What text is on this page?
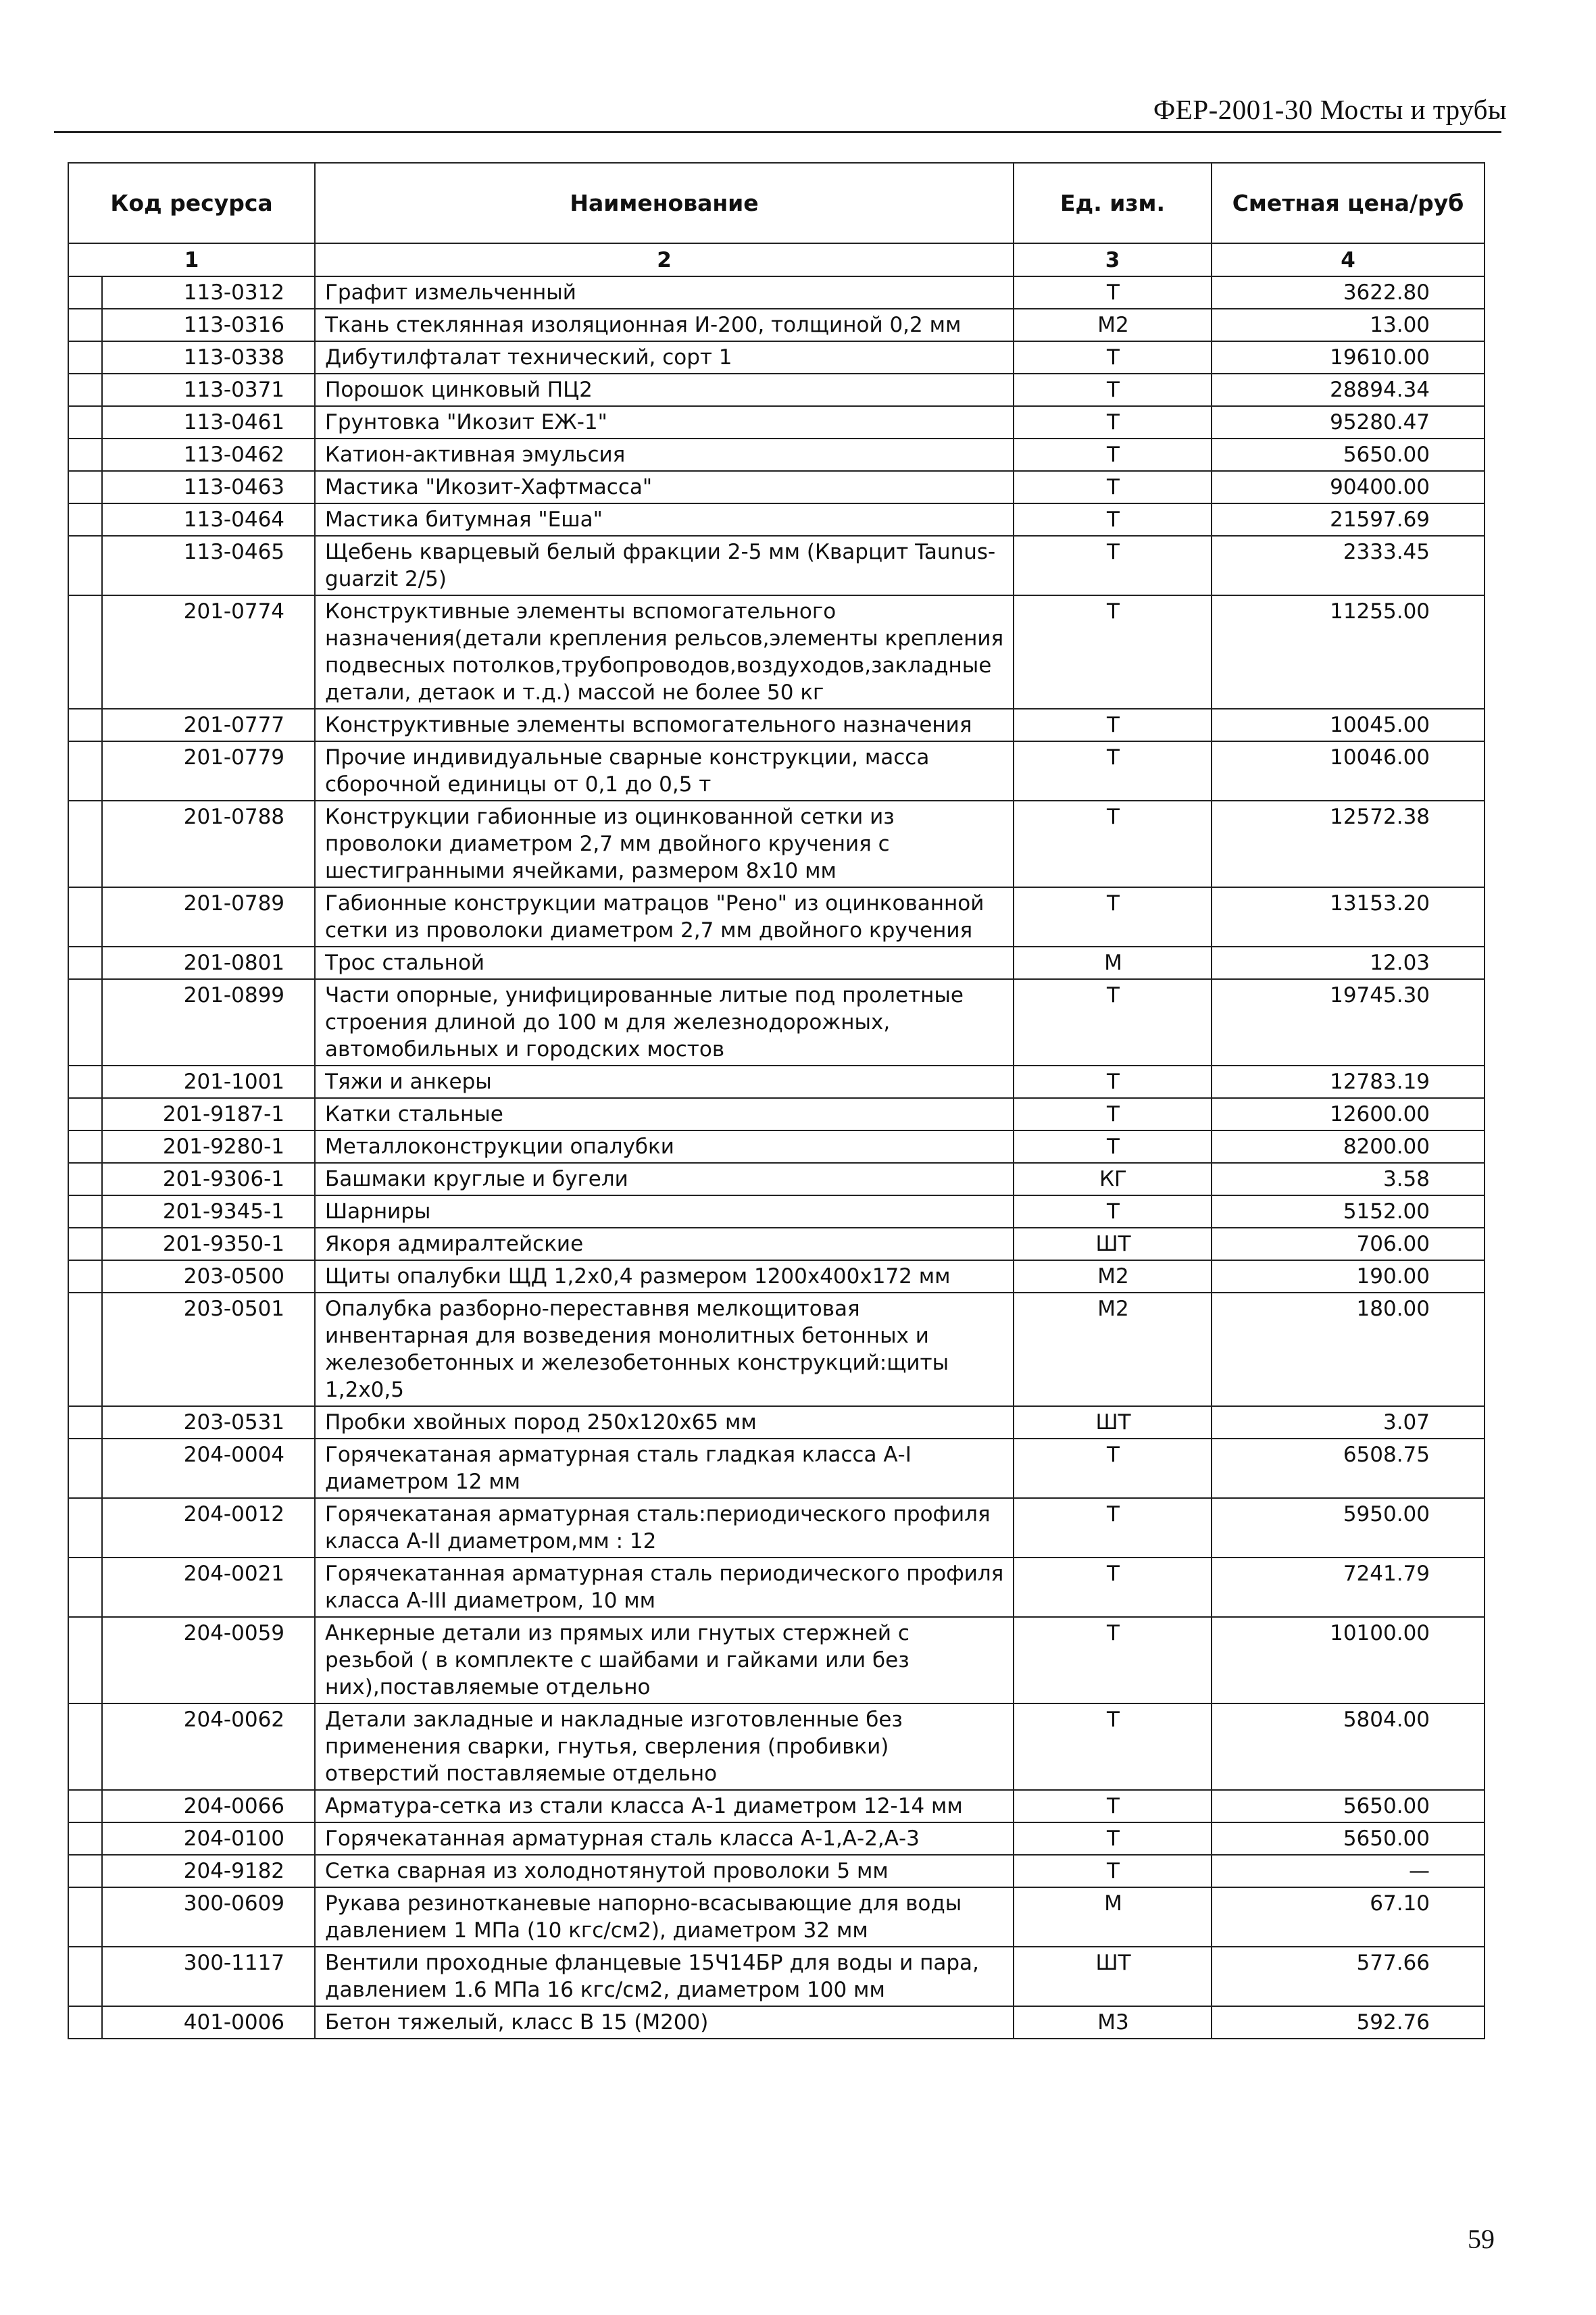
ФЕР-2001-30 Мосты и трубы
Код ресурса		Наименование	Ед. изм.	Сметная цена/руб
1		2	3	4
	113-0312	Графит измельченный	Т	3622.80
	113-0316	Ткань стеклянная изоляционная И-200, толщиной 0,2 мм	М2	13.00
	113-0338	Дибутилфталат технический, сорт 1	Т	19610.00
	113-0371	Порошок цинковый ПЦ2	Т	28894.34
	113-0461	Грунтовка "Икозит ЕЖ-1"	Т	95280.47
	113-0462	Катион-активная эмульсия	Т	5650.00
	113-0463	Мастика "Икозит-Хафтмасса"	Т	90400.00
	113-0464	Мастика битумная "Еша"	Т	21597.69
	113-0465	Щебень кварцевый белый фракции 2-5 мм (Кварцит Taunus-guarzit 2/5)	Т	2333.45
	201-0774	Конструктивные элементы вспомогательного назначения(детали крепления рельсов,элементы крепления подвесных потолков,трубопроводов,воздуходов,закладные детали, детаок и т.д.) массой не более 50 кг	Т	11255.00
	201-0777	Конструктивные элементы вспомогательного назначения	Т	10045.00
	201-0779	Прочие индивидуальные сварные конструкции, масса сборочной единицы от 0,1 до 0,5 т	Т	10046.00
	201-0788	Конструкции габионные из оцинкованной сетки из проволоки диаметром 2,7 мм двойного кручения с шестигранными ячейками, размером 8х10 мм	Т	12572.38
	201-0789	Габионные конструкции матрацов "Рено" из оцинкованной сетки из проволоки диаметром 2,7 мм двойного кручения	Т	13153.20
	201-0801	Трос стальной	М	12.03
	201-0899	Части опорные, унифицированные литые под пролетные строения длиной до 100 м для железнодорожных, автомобильных и городских мостов	Т	19745.30
	201-1001	Тяжи и анкеры	Т	12783.19
	201-9187-1	Катки стальные	Т	12600.00
	201-9280-1	Металлоконструкции опалубки	Т	8200.00
	201-9306-1	Башмаки круглые и бугели	КГ	3.58
	201-9345-1	Шарниры	Т	5152.00
	201-9350-1	Якоря адмиралтейские	ШТ	706.00
	203-0500	Щиты опалубки ЩД 1,2х0,4 размером 1200х400х172 мм	М2	190.00
	203-0501	Опалубка разборно-переставнвя мелкощитовая инвентарная для возведения монолитных бетонных и железобетонных и железобетонных конструкций:щиты 1,2х0,5	М2	180.00
	203-0531	Пробки хвойных пород 250х120х65 мм	ШТ	3.07
	204-0004	Горячекатаная арматурная сталь гладкая класса А-I диаметром 12 мм	Т	6508.75
	204-0012	Горячекатаная арматурная сталь:периодического профиля класса А-II диаметром,мм : 12	Т	5950.00
	204-0021	Горячекатанная арматурная сталь периодического профиля класса А-III диаметром, 10 мм	Т	7241.79
	204-0059	Анкерные детали из прямых или гнутых стержней с резьбой ( в комплекте с шайбами и гайками или без них),поставляемые отдельно	Т	10100.00
	204-0062	Детали закладные и накладные изготовленные без применения сварки, гнутья, сверления (пробивки) отверстий поставляемые отдельно	Т	5804.00
	204-0066	Арматура-сетка из стали класса А-1 диаметром 12-14 мм	Т	5650.00
	204-0100	Горячекатанная арматурная сталь класса А-1,А-2,А-3	Т	5650.00
	204-9182	Сетка сварная из холоднотянутой проволоки 5 мм	Т	—
	300-0609	Рукава резинотканевые напорно-всасывающие для воды давлением 1 МПа (10 кгс/см2), диаметром 32 мм	М	67.10
	300-1117	Вентили проходные фланцевые 15Ч14БР для воды и пара, давлением 1.6 МПа 16 кгс/см2, диаметром 100 мм	ШТ	577.66
	401-0006	Бетон тяжелый, класс В 15 (М200)	М3	592.76
59
